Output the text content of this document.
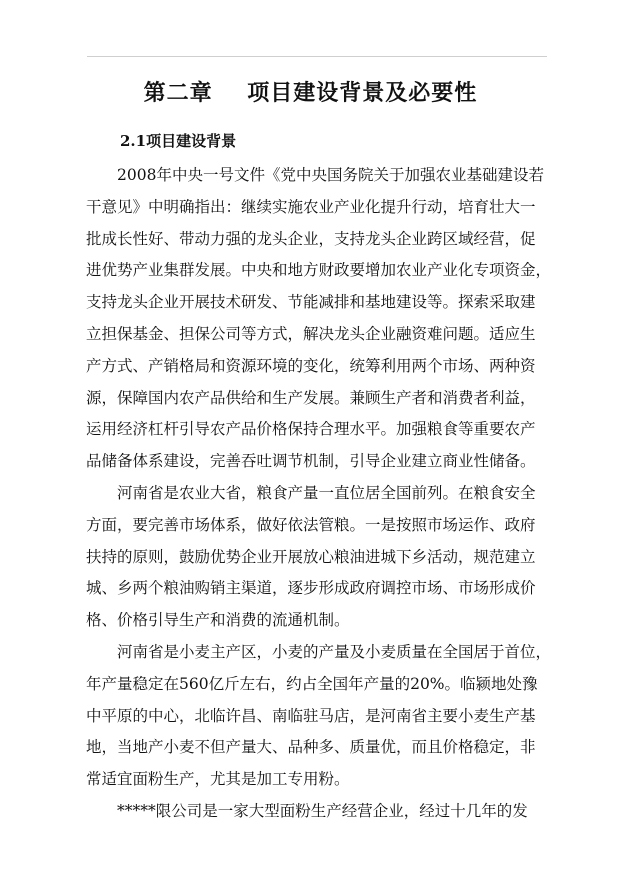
第二章    项目建设背景及必要性
2.1项目建设背景
2008年中央一号文件《党中央国务院关于加强农业基础建设若
干意见》中明确指出：继续实施农业产业化提升行动，培育壮大一
批成长性好、带动力强的龙头企业，支持龙头企业跨区域经营，促
进优势产业集群发展。中央和地方财政要增加农业产业化专项资金，
支持龙头企业开展技术研发、节能减排和基地建设等。探索采取建
立担保基金、担保公司等方式，解决龙头企业融资难问题。适应生
产方式、产销格局和资源环境的变化，统筹利用两个市场、两种资
源，保障国内农产品供给和生产发展。兼顾生产者和消费者利益，
运用经济杠杆引导农产品价格保持合理水平。加强粮食等重要农产
品储备体系建设，完善吞吐调节机制，引导企业建立商业性储备。
河南省是农业大省，粮食产量一直位居全国前列。在粮食安全
方面，要完善市场体系，做好依法管粮。一是按照市场运作、政府
扶持的原则，鼓励优势企业开展放心粮油进城下乡活动，规范建立
城、乡两个粮油购销主渠道，逐步形成政府调控市场、市场形成价
格、价格引导生产和消费的流通机制。
河南省是小麦主产区，小麦的产量及小麦质量在全国居于首位，
年产量稳定在560亿斤左右，约占全国年产量的20%。临颍地处豫
中平原的中心，北临许昌、南临驻马店，是河南省主要小麦生产基
地，当地产小麦不但产量大、品种多、质量优，而且价格稳定，非
常适宜面粉生产，尤其是加工专用粉。
*****限公司是一家大型面粉生产经营企业，经过十几年的发
